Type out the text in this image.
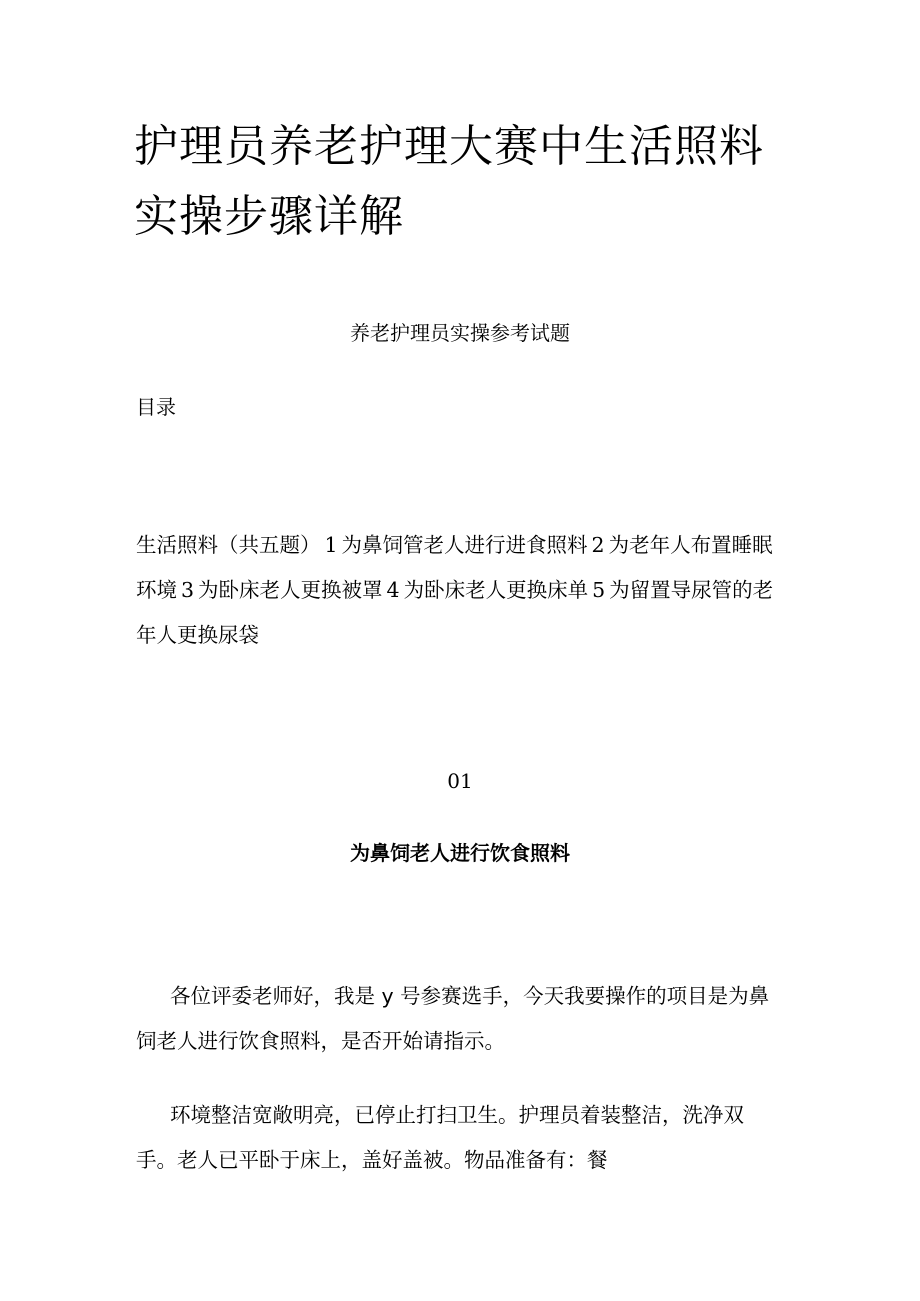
护理员养老护理大赛中生活照料实操步骤详解
养老护理员实操参考试题
目录
生活照料（共五题） 1 为鼻饲管老人进行进食照料 2 为老年人布置睡眠环境 3 为卧床老人更换被罩 4 为卧床老人更换床单 5 为留置导尿管的老年人更换尿袋
01
为鼻饲老人进行饮食照料

各位评委老师好，我是 y 号参赛选手，今天我要操作的项目是为鼻饲老人进行饮食照料，是否开始请指示。

环境整洁宽敞明亮，已停止打扫卫生。护理员着装整洁，洗净双手。老人已平卧于床上，盖好盖被。物品准备有：餐
